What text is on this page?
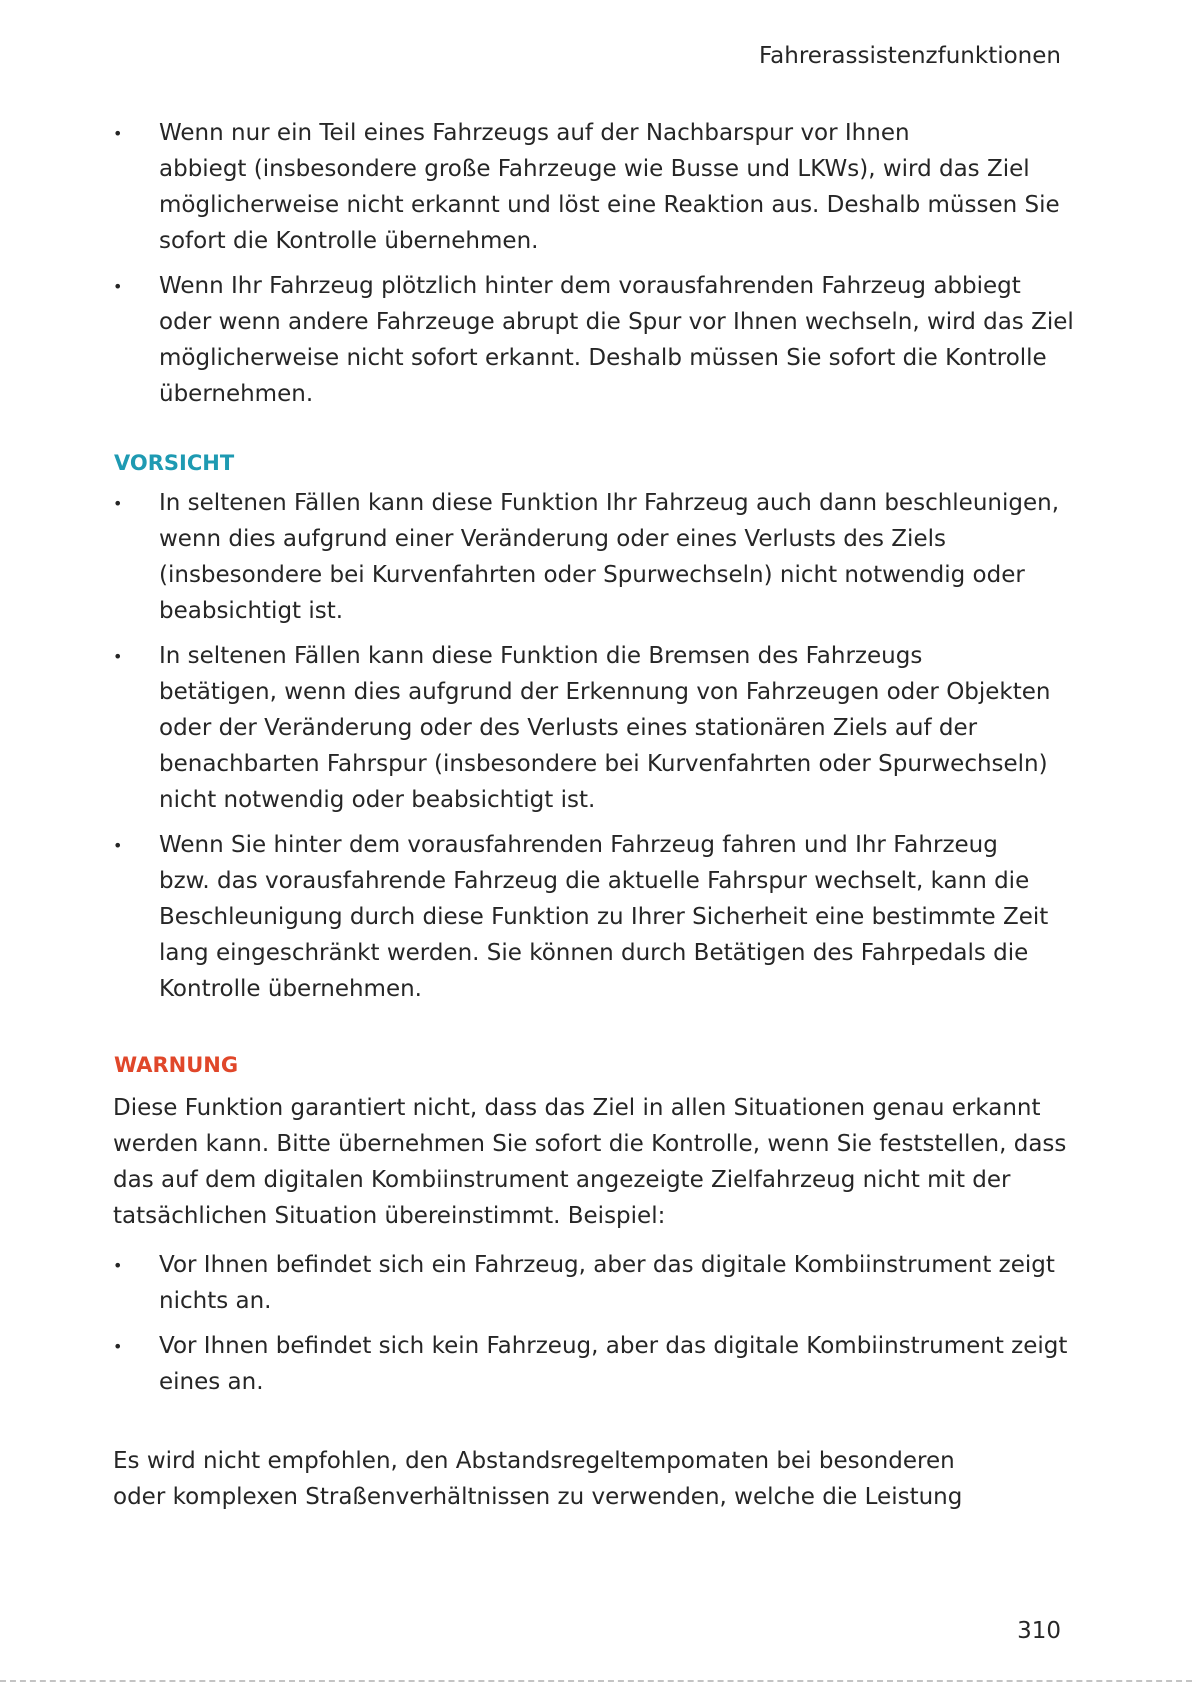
Fahrerassistenzfunktionen
• Wenn nur ein Teil eines Fahrzeugs auf der Nachbarspur vor Ihnen
abbiegt (insbesondere große Fahrzeuge wie Busse und LKWs), wird das Ziel
möglicherweise nicht erkannt und löst eine Reaktion aus. Deshalb müssen Sie
sofort die Kontrolle übernehmen.
• Wenn Ihr Fahrzeug plötzlich hinter dem vorausfahrenden Fahrzeug abbiegt
oder wenn andere Fahrzeuge abrupt die Spur vor Ihnen wechseln, wird das Ziel
möglicherweise nicht sofort erkannt. Deshalb müssen Sie sofort die Kontrolle
übernehmen.
VORSICHT
• In seltenen Fällen kann diese Funktion Ihr Fahrzeug auch dann beschleunigen,
wenn dies aufgrund einer Veränderung oder eines Verlusts des Ziels
(insbesondere bei Kurvenfahrten oder Spurwechseln) nicht notwendig oder
beabsichtigt ist.
• In seltenen Fällen kann diese Funktion die Bremsen des Fahrzeugs
betätigen, wenn dies aufgrund der Erkennung von Fahrzeugen oder Objekten
oder der Veränderung oder des Verlusts eines stationären Ziels auf der
benachbarten Fahrspur (insbesondere bei Kurvenfahrten oder Spurwechseln)
nicht notwendig oder beabsichtigt ist.
• Wenn Sie hinter dem vorausfahrenden Fahrzeug fahren und Ihr Fahrzeug
bzw. das vorausfahrende Fahrzeug die aktuelle Fahrspur wechselt, kann die
Beschleunigung durch diese Funktion zu Ihrer Sicherheit eine bestimmte Zeit
lang eingeschränkt werden. Sie können durch Betätigen des Fahrpedals die
Kontrolle übernehmen.
WARNUNG
Diese Funktion garantiert nicht, dass das Ziel in allen Situationen genau erkannt
werden kann. Bitte übernehmen Sie sofort die Kontrolle, wenn Sie feststellen, dass
das auf dem digitalen Kombiinstrument angezeigte Zielfahrzeug nicht mit der
tatsächlichen Situation übereinstimmt. Beispiel:
• Vor Ihnen befindet sich ein Fahrzeug, aber das digitale Kombiinstrument zeigt
nichts an.
• Vor Ihnen befindet sich kein Fahrzeug, aber das digitale Kombiinstrument zeigt
eines an.
Es wird nicht empfohlen, den Abstandsregeltempomaten bei besonderen
oder komplexen Straßenverhältnissen zu verwenden, welche die Leistung
310
